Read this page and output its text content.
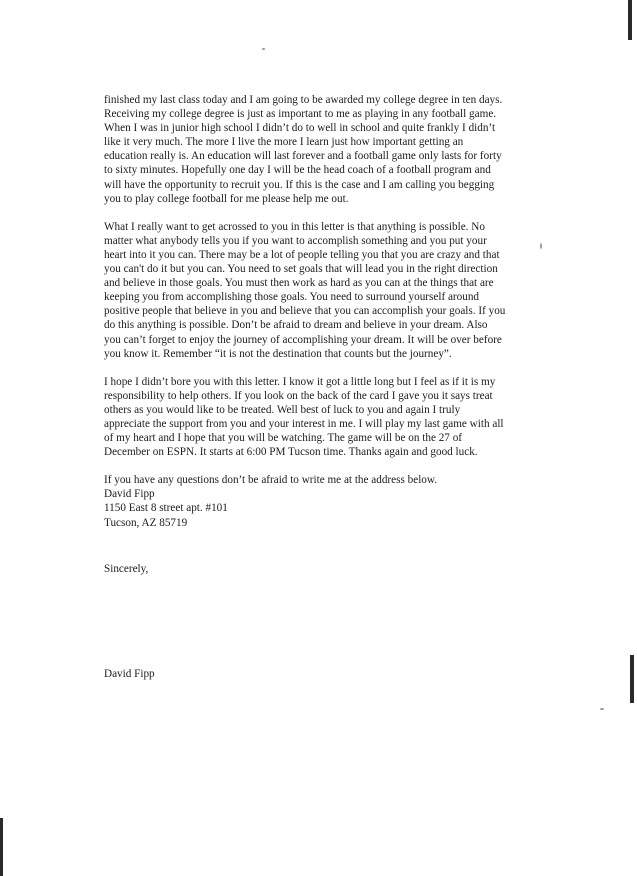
finished my last class today and I am going to be awarded my college degree in ten days.
Receiving my college degree is just as important to me as playing in any football game.
When I was in junior high school I didn’t do to well in school and quite frankly I didn’t
like it very much. The more I live the more I learn just how important getting an
education really is. An education will last forever and a football game only lasts for forty
to sixty minutes. Hopefully one day I will be the head coach of a football program and
will have the opportunity to recruit you. If this is the case and I am calling you begging
you to play college football for me please help me out.

What I really want to get acrossed to you in this letter is that anything is possible. No
matter what anybody tells you if you want to accomplish something and you put your
heart into it you can. There may be a lot of people telling you that you are crazy and that
you can't do it but you can. You need to set goals that will lead you in the right direction
and believe in those goals. You must then work as hard as you can at the things that are
keeping you from accomplishing those goals. You need to surround yourself around
positive people that believe in you and believe that you can accomplish your goals. If you
do this anything is possible. Don’t be afraid to dream and believe in your dream. Also
you can’t forget to enjoy the journey of accomplishing your dream. It will be over before
you know it. Remember “it is not the destination that counts but the journey”.

I hope I didn’t bore you with this letter. I know it got a little long but I feel as if it is my
responsibility to help others. If you look on the back of the card I gave you it says treat
others as you would like to be treated. Well best of luck to you and again I truly
appreciate the support from you and your interest in me. I will play my last game with all
of my heart and I hope that you will be watching. The game will be on the 27 of
December on ESPN. It starts at 6:00 PM Tucson time. Thanks again and good luck.

If you have any questions don’t be afraid to write me at the address below.

David Fipp

1150 East 8 street apt. #101

Tucson, AZ 85719

Sincerely,

David Fipp
